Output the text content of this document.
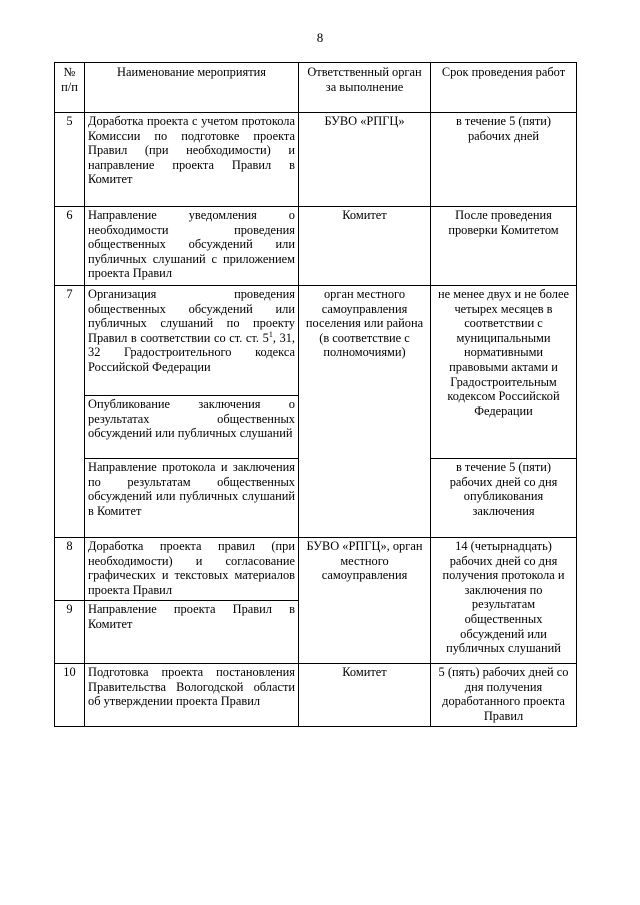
8
№ п/п	Наименование мероприятия	Ответственный орган за выполнение	Срок проведения работ
5	Доработка проекта с учетом протокола Комиссии по подготовке проекта Правил (при необходимости) и направление проекта Правил в Комитет	БУВО «РПГЦ»	в течение 5 (пяти) рабочих дней
6	Направление уведомления о необходимости проведения общественных обсуждений или публичных слушаний с приложением проекта Правил	Комитет	После проведения проверки Комитетом
7	Организация проведения общественных обсуждений или публичных слушаний по проекту Правил в соответствии со ст. ст. $5^1$, 31, 32 Градостроительного кодекса Российской Федерации	орган местного самоуправления поселения или района (в соответствие с полномочиями)	не менее двух и не более четырех месяцев в соответствии с муниципальными нормативными правовыми актами и Градостроительным кодексом Российской Федерации
	Опубликование заключения о результатах общественных обсуждений или публичных слушаний		
	Направление протокола и заключения по результатам общественных обсуждений или публичных слушаний в Комитет		в течение 5 (пяти) рабочих дней со дня опубликования заключения
8	Доработка проекта правил (при необходимости) и согласование графических и текстовых материалов проекта Правил	БУВО «РПГЦ», орган местного самоуправления	14 (четырнадцать) рабочих дней со дня получения протокола и заключения по результатам общественных обсуждений или публичных слушаний
9	Направление проекта Правил в Комитет		
10	Подготовка проекта постановления Правительства Вологодской области об утверждении проекта Правил	Комитет	5 (пять) рабочих дней со дня получения доработанного проекта Правил
